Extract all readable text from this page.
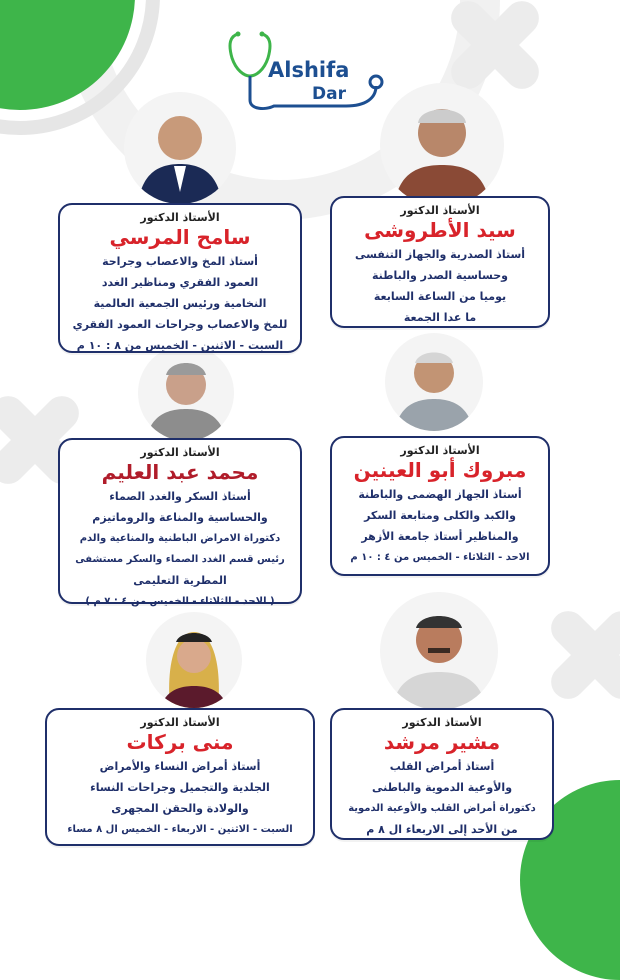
Alshifa
Dar
الأستاذ الدكتور
سامح المرسي
أستاذ المخ والاعصاب وجراحة
العمود الفقري ومناظير الغدد
النخامية ورئيس الجمعية العالمية
للمخ والاعصاب وجراحات العمود الفقري
السبت - الاثنين - الخميس من ٨ : ١٠ م
الأستاذ الدكتور
سيد الأطروشى
أستاذ الصدرية والجهاز التنفسى
وحساسية الصدر والباطنة
يوميا من الساعة السابعة
ما عدا الجمعة
الأستاذ الدكتور
محمد عبد العليم
أستاذ السكر والغدد الصماء
والحساسية والمناعة والروماتيزم
دكتوراة الامراض الباطنية والمناعية والدم
رئيس قسم الغدد الصماء والسكر مستشفى
المطرية التعليمى
( الاحد - الثلاثاء - الخميس من ٤ : ٧ م )
الأستاذ الدكتور
مبروك أبو العينين
أستاذ الجهاز الهضمى والباطنة
والكبد والكلى ومتابعة السكر
والمناظير أستاذ جامعة الأزهر
الاحد - الثلاثاء - الخميس من ٤ : ١٠ م
الأستاذ الدكتور
منى بركات
أستاذ أمراض النساء والأمراض
الجلدية والتجميل وجراحات النساء
والولادة والحقن المجهرى
السبت - الاثنين - الاربعاء - الخميس ال ٨ مساء
الأستاذ الدكتور
مشير مرشد
أستاذ أمراض القلب
والأوعية الدموية والباطنى
دكتوراة أمراض القلب والأوعية الدموية
من الأحد إلى الاربعاء ال ٨ م
